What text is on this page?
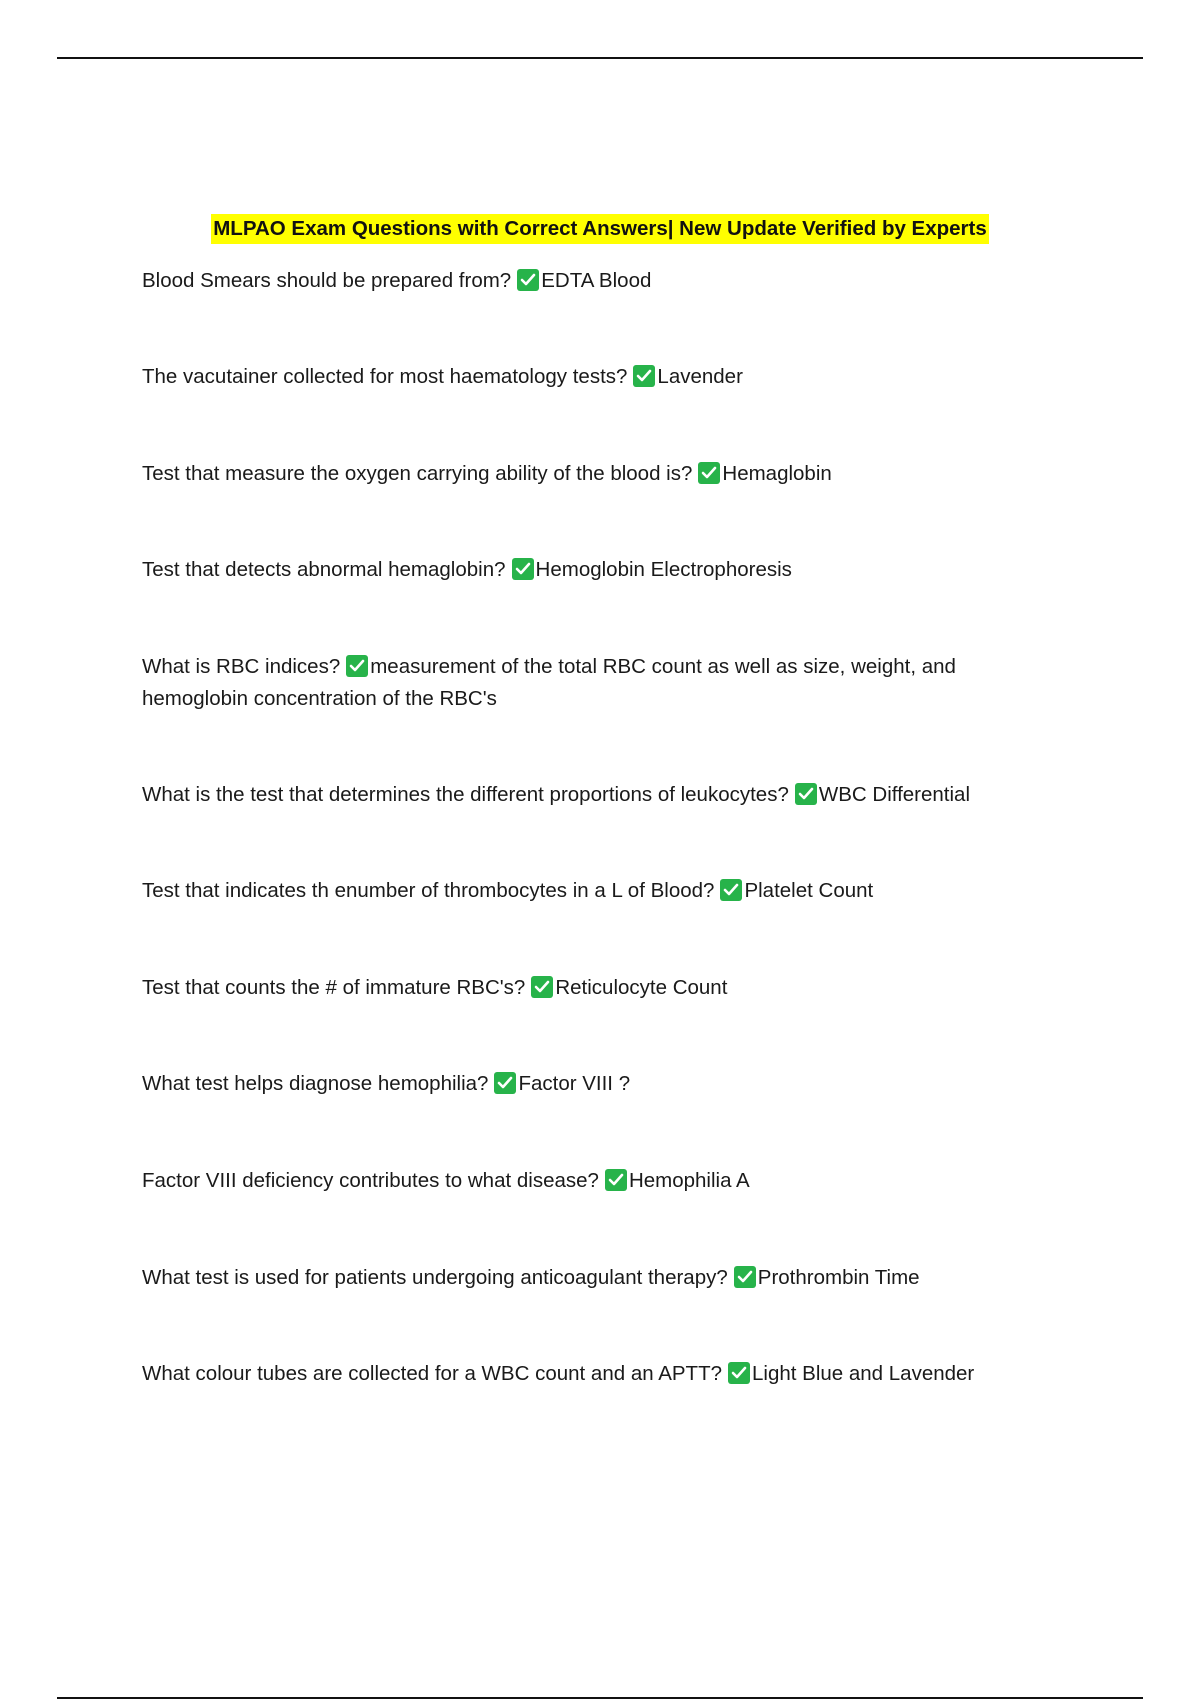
MLPAO Exam Questions with Correct Answers| New Update Verified by Experts
Blood Smears should be prepared from? EDTA Blood
The vacutainer collected for most haematology tests? Lavender
Test that measure the oxygen carrying ability of the blood is? Hemaglobin
Test that detects abnormal hemaglobin? Hemoglobin Electrophoresis
What is RBC indices? measurement of the total RBC count as well as size, weight, and hemoglobin concentration of the RBC's
What is the test that determines the different proportions of leukocytes? WBC Differential
Test that indicates th enumber of thrombocytes in a L of Blood? Platelet Count
Test that counts the # of immature RBC's? Reticulocyte Count
What test helps diagnose hemophilia? Factor VIII ?
Factor VIII deficiency contributes to what disease? Hemophilia A
What test is used for patients undergoing anticoagulant therapy? Prothrombin Time
What colour tubes are collected for a WBC count and an APTT? Light Blue and Lavender
